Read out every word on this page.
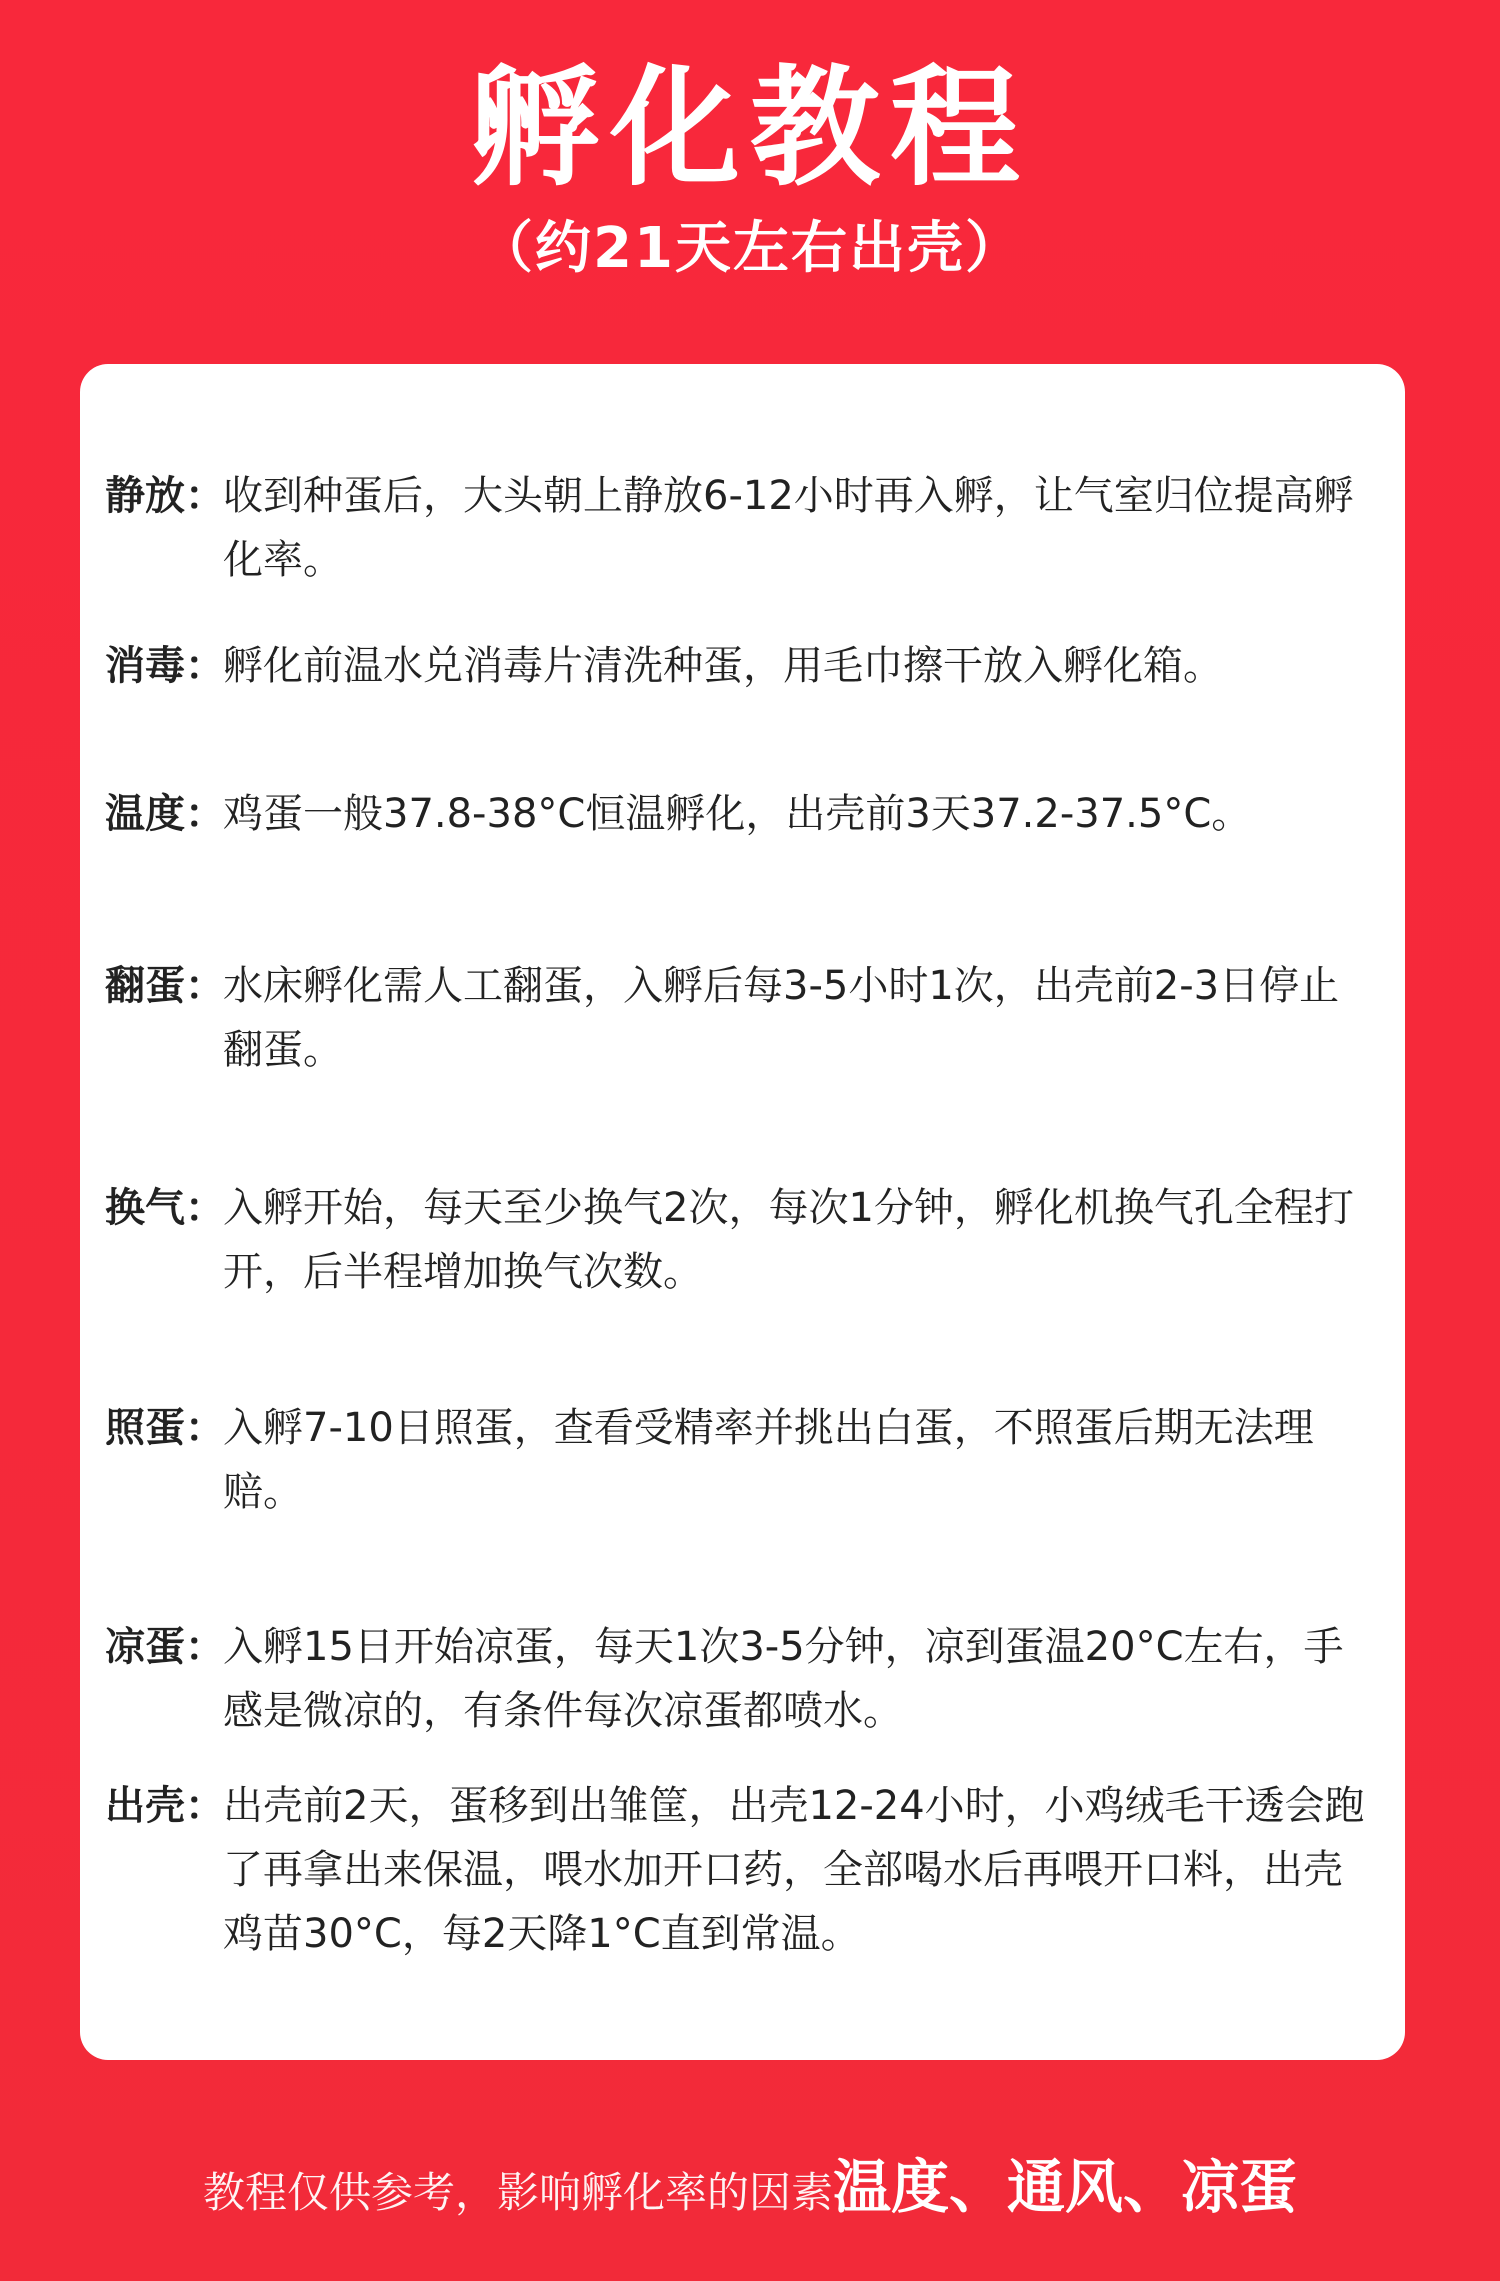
孵化教程
（约21天左右出壳）
静放：
收到种蛋后，大头朝上静放6-12小时再入孵，让气室归位提高孵化率。
消毒：
孵化前温水兑消毒片清洗种蛋，用毛巾擦干放入孵化箱。
温度：
鸡蛋一般37.8-38°C恒温孵化，出壳前3天37.2-37.5°C。
翻蛋：
水床孵化需人工翻蛋，入孵后每3-5小时1次，出壳前2-3日停止翻蛋。
换气：
入孵开始，每天至少换气2次，每次1分钟，孵化机换气孔全程打开，后半程增加换气次数。
照蛋：
入孵7-10日照蛋，查看受精率并挑出白蛋，不照蛋后期无法理赔。
凉蛋：
入孵15日开始凉蛋，每天1次3-5分钟，凉到蛋温20°C左右，手感是微凉的，有条件每次凉蛋都喷水。
出壳：
出壳前2天，蛋移到出雏筐，出壳12-24小时，小鸡绒毛干透会跑了再拿出来保温，喂水加开口药，全部喝水后再喂开口料，出壳鸡苗30°C，每2天降1°C直到常温。
教程仅供参考，影响孵化率的因素温度、通风、凉蛋
